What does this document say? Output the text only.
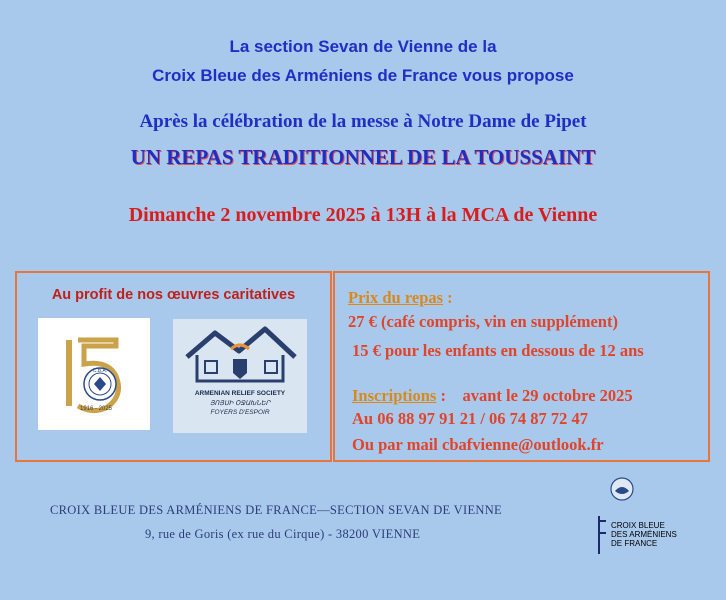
La section Sevan de Vienne de la
Croix Bleue des Arméniens de France vous propose
Après la célébration de la messe à Notre Dame de Pipet
UN REPAS TRADITIONNEL DE LA TOUSSAINT
Dimanche 2 novembre 2025 à 13H à la MCA de Vienne
Au profit de nos œuvres caritatives
C.B.A.
1916 - 2025
ARMENIAN RELIEF SOCIETY
ՅՈՅՍԻ ՕՋԱԽՆԵՐ
FOYERS D'ESPOIR
Prix du repas :
27 € (café compris, vin en supplément)
15 € pour les enfants en dessous de 12 ans
Inscriptions :    avant le 29 octobre 2025
Au 06 88 97 91 21 / 06 74 87 72 47
Ou par mail cbafvienne@outlook.fr
CROIX BLEUE DES ARMÉNIENS DE FRANCE—SECTION SEVAN DE VIENNE
9, rue de Goris (ex rue du Cirque) - 38200 VIENNE
CROIX BLEUE
DES ARMÉNIENS
DE FRANCE
